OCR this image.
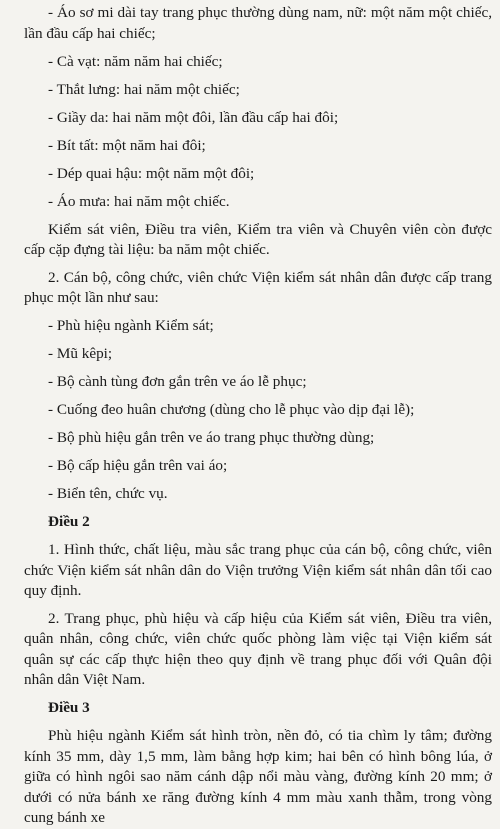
- Áo sơ mi dài tay trang phục thường dùng nam, nữ: một năm một chiếc, lần đầu cấp hai chiếc;

- Cà vạt: năm năm hai chiếc;

- Thắt lưng: hai năm một chiếc;

- Giầy da: hai năm một đôi, lần đầu cấp hai đôi;

- Bít tất: một năm hai đôi;

- Dép quai hậu: một năm một đôi;

- Áo mưa: hai năm một chiếc.

Kiểm sát viên, Điều tra viên, Kiểm tra viên và Chuyên viên còn được cấp cặp đựng tài liệu: ba năm một chiếc.

2. Cán bộ, công chức, viên chức Viện kiểm sát nhân dân được cấp trang phục một lần như sau:

- Phù hiệu ngành Kiểm sát;

- Mũ kêpi;

- Bộ cành tùng đơn gắn trên ve áo lễ phục;

- Cuống đeo huân chương (dùng cho lễ phục vào dịp đại lễ);

- Bộ phù hiệu gắn trên ve áo trang phục thường dùng;

- Bộ cấp hiệu gắn trên vai áo;

- Biển tên, chức vụ.

Điều 2

1. Hình thức, chất liệu, màu sắc trang phục của cán bộ, công chức, viên chức Viện kiểm sát nhân dân do Viện trưởng Viện kiểm sát nhân dân tối cao quy định.

2. Trang phục, phù hiệu và cấp hiệu của Kiểm sát viên, Điều tra viên, quân nhân, công chức, viên chức quốc phòng làm việc tại Viện kiểm sát quân sự các cấp thực hiện theo quy định về trang phục đối với Quân đội nhân dân Việt Nam.

Điều 3

Phù hiệu ngành Kiểm sát hình tròn, nền đỏ, có tia chìm ly tâm; đường kính 35 mm, dày 1,5 mm, làm bằng hợp kim; hai bên có hình bông lúa, ở giữa có hình ngôi sao năm cánh dập nổi màu vàng, đường kính 20 mm; ở dưới có nửa bánh xe răng đường kính 4 mm màu xanh thẫm, trong vòng cung bánh xe
